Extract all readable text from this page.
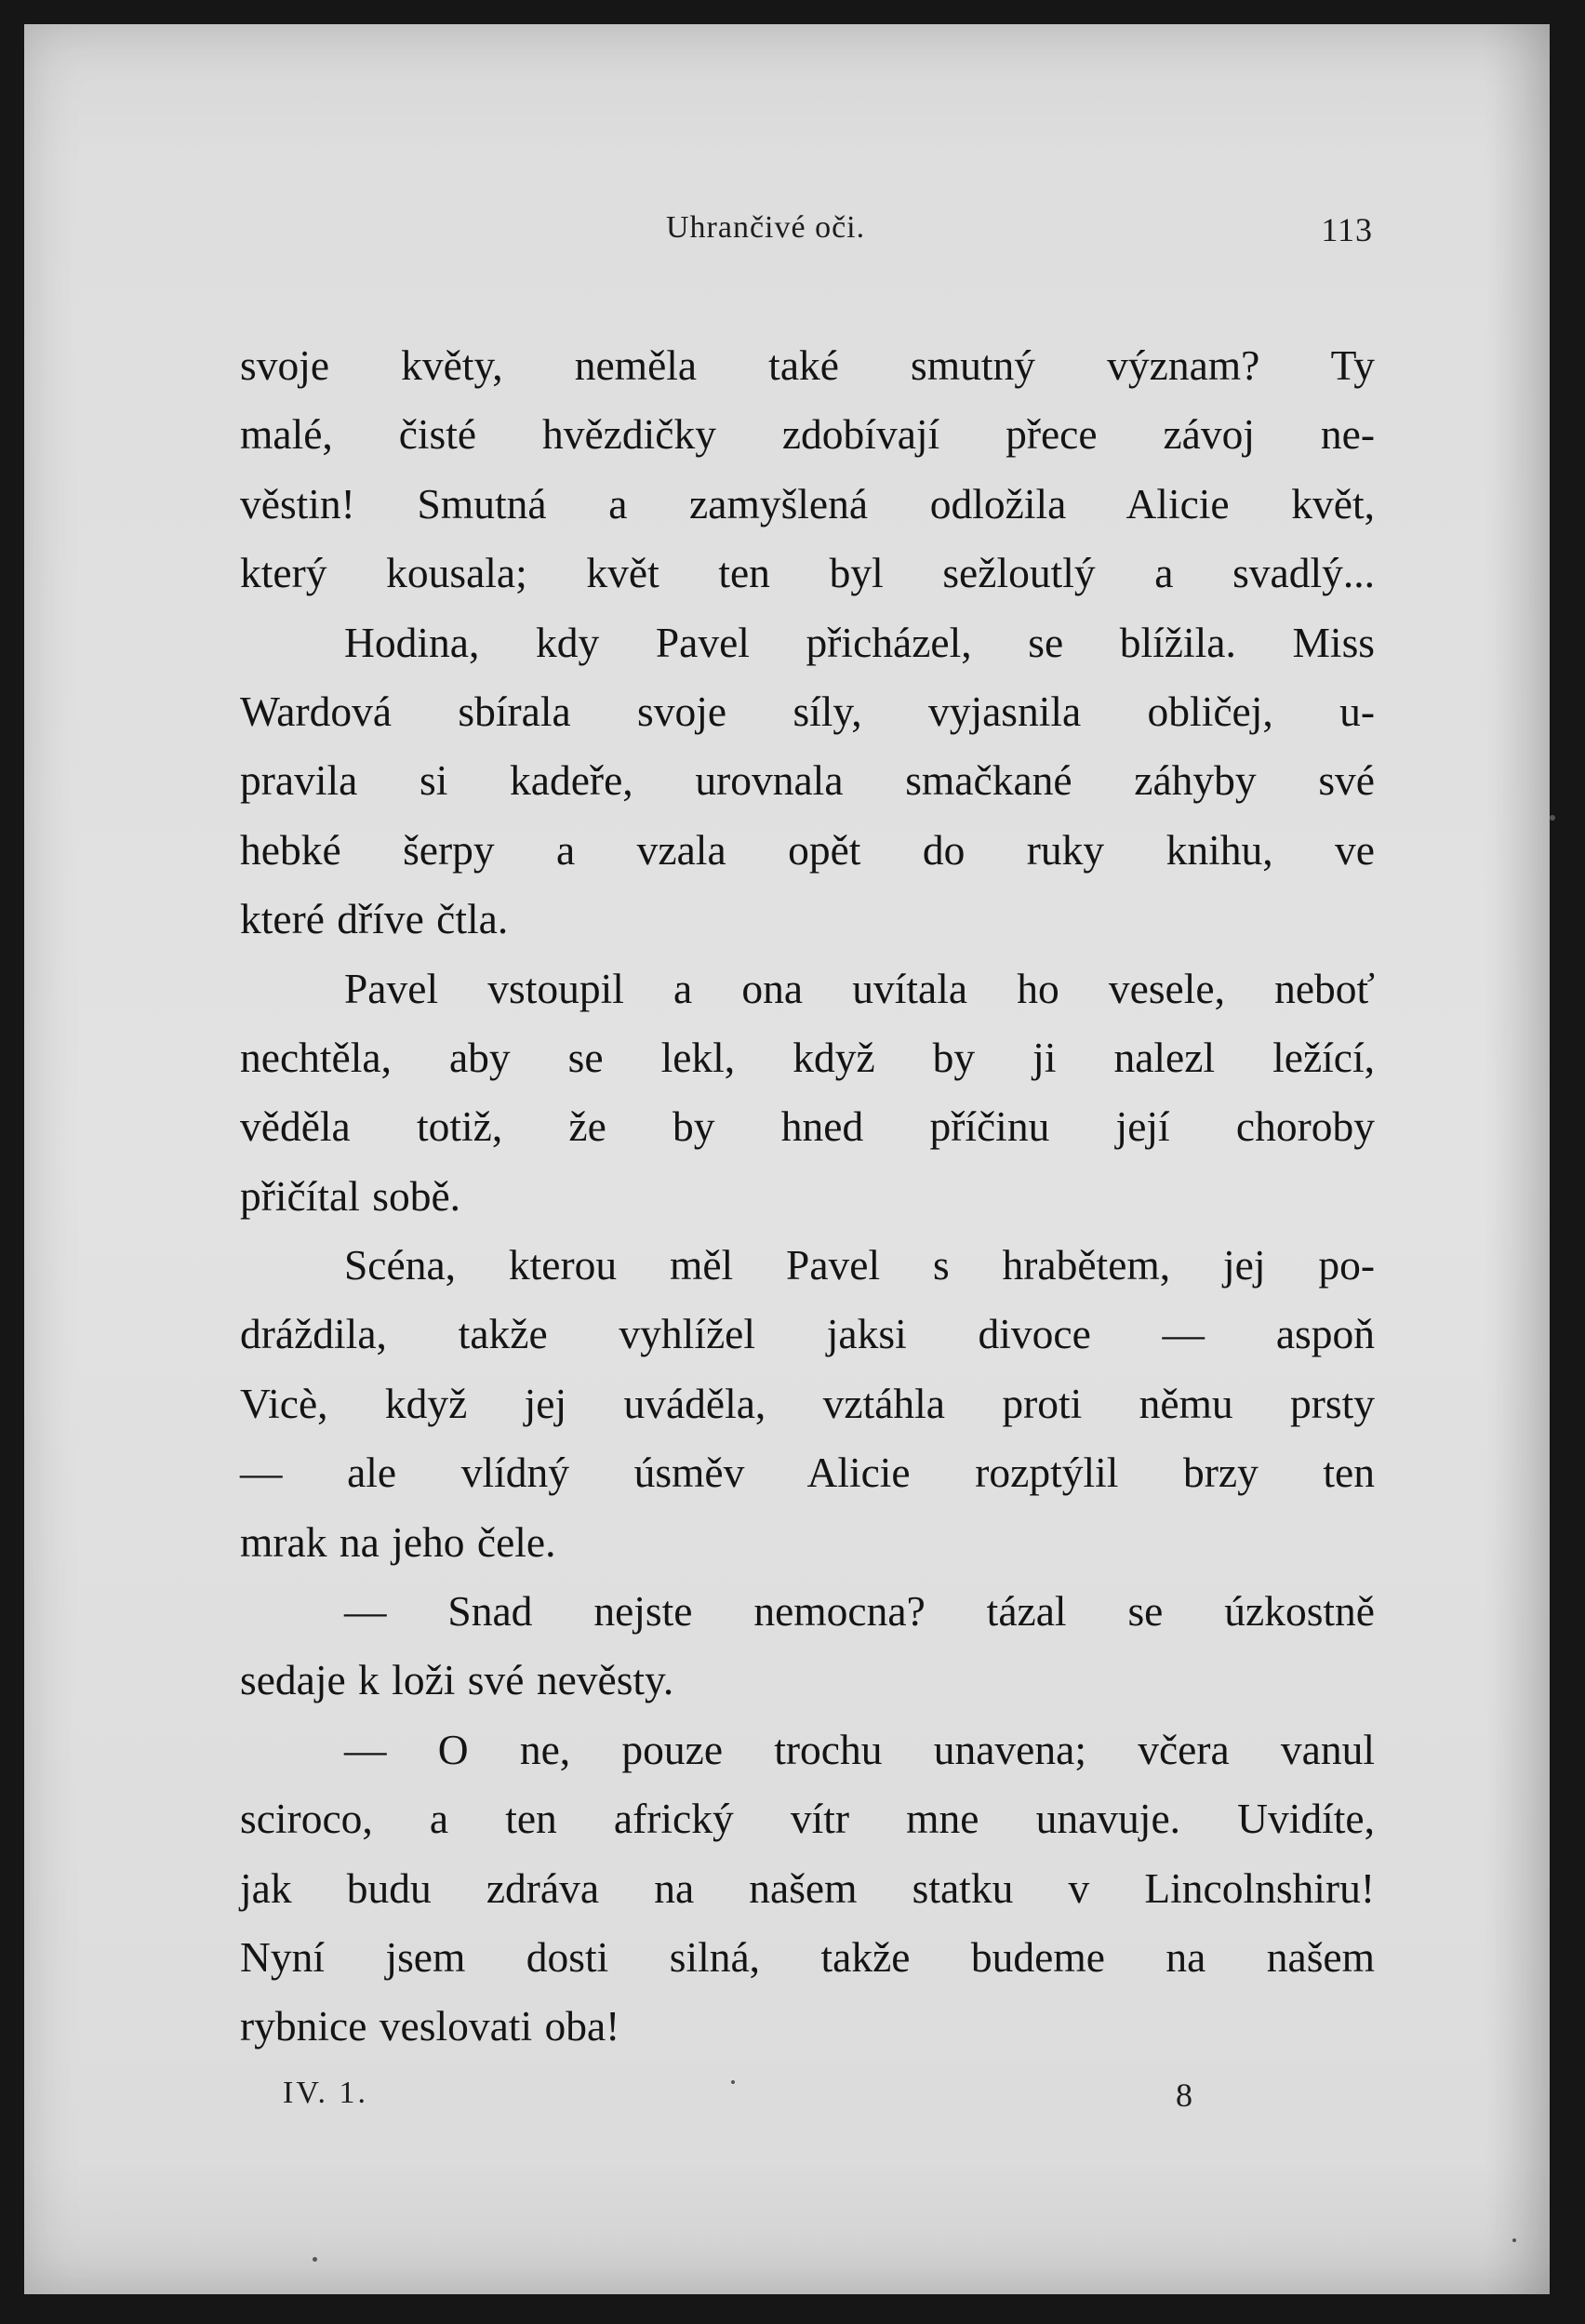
Uhrančivé oči.	113
svoje květy, neměla také smutný význam? Ty
malé, čisté hvězdičky zdobívají přece závoj ne-
věstin! Smutná a zamyšlená odložila Alicie květ,
který kousala; květ ten byl sežloutlý a svadlý...
Hodina, kdy Pavel přicházel, se blížila. Miss
Wardová sbírala svoje síly, vyjasnila obličej, u-
pravila si kadeře, urovnala smačkané záhyby své
hebké šerpy a vzala opět do ruky knihu, ve
které dříve čtla.
Pavel vstoupil a ona uvítala ho vesele, neboť
nechtěla, aby se lekl, když by ji nalezl ležící,
věděla totiž, že by hned příčinu její choroby
přičítal sobě.
Scéna, kterou měl Pavel s hrabětem, jej po-
dráždila, takže vyhlížel jaksi divoce — aspoň
Vicè, když jej uváděla, vztáhla proti němu prsty
— ale vlídný úsměv Alicie rozptýlil brzy ten
mrak na jeho čele.
— Snad nejste nemocna? tázal se úzkostně
sedaje k loži své nevěsty.
— O ne, pouze trochu unavena; včera vanul
sciroco, a ten africký vítr mne unavuje. Uvidíte,
jak budu zdráva na našem statku v Lincolnshiru!
Nyní jsem dosti silná, takže budeme na našem
rybnice veslovati oba!
IV. 1.	8
